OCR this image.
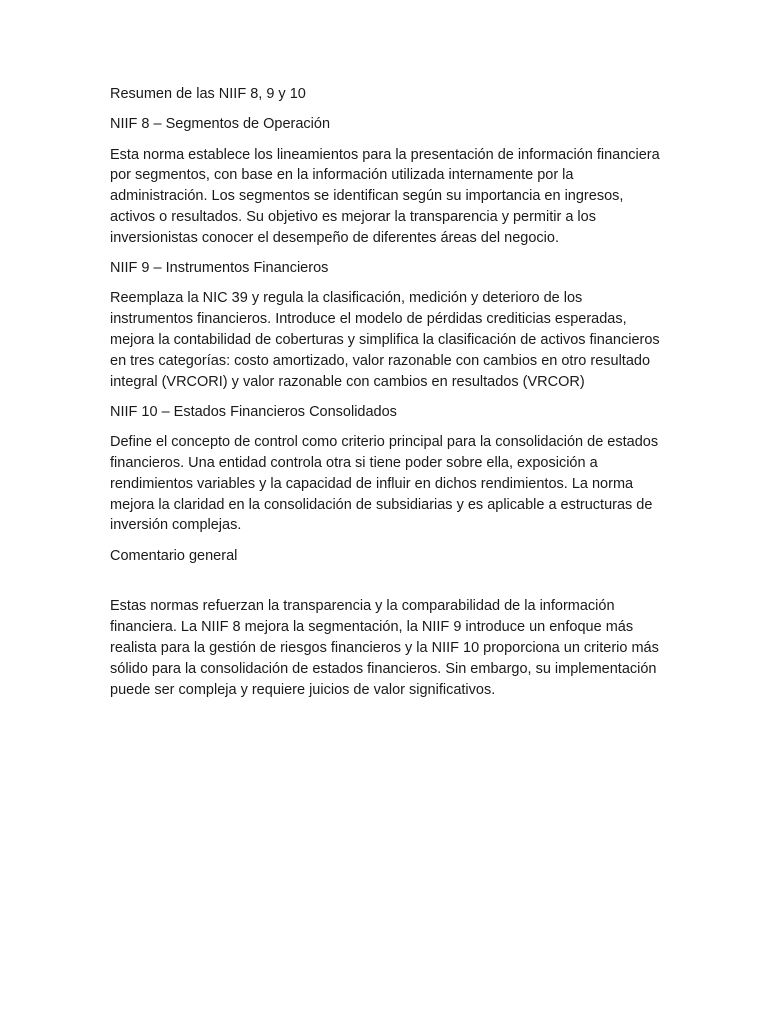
Resumen de las NIIF 8, 9 y 10

NIIF 8 – Segmentos de Operación

Esta norma establece los lineamientos para la presentación de información financiera por segmentos, con base en la información utilizada internamente por la administración. Los segmentos se identifican según su importancia en ingresos, activos o resultados. Su objetivo es mejorar la transparencia y permitir a los inversionistas conocer el desempeño de diferentes áreas del negocio.

NIIF 9 – Instrumentos Financieros

Reemplaza la NIC 39 y regula la clasificación, medición y deterioro de los instrumentos financieros. Introduce el modelo de pérdidas crediticias esperadas, mejora la contabilidad de coberturas y simplifica la clasificación de activos financieros en tres categorías: costo amortizado, valor razonable con cambios en otro resultado integral (VRCORI) y valor razonable con cambios en resultados (VRCOR)

NIIF 10 – Estados Financieros Consolidados

Define el concepto de control como criterio principal para la consolidación de estados financieros. Una entidad controla otra si tiene poder sobre ella, exposición a rendimientos variables y la capacidad de influir en dichos rendimientos. La norma mejora la claridad en la consolidación de subsidiarias y es aplicable a estructuras de inversión complejas.

Comentario general

Estas normas refuerzan la transparencia y la comparabilidad de la información financiera. La NIIF 8 mejora la segmentación, la NIIF 9 introduce un enfoque más realista para la gestión de riesgos financieros y la NIIF 10 proporciona un criterio más sólido para la consolidación de estados financieros. Sin embargo, su implementación puede ser compleja y requiere juicios de valor significativos.
